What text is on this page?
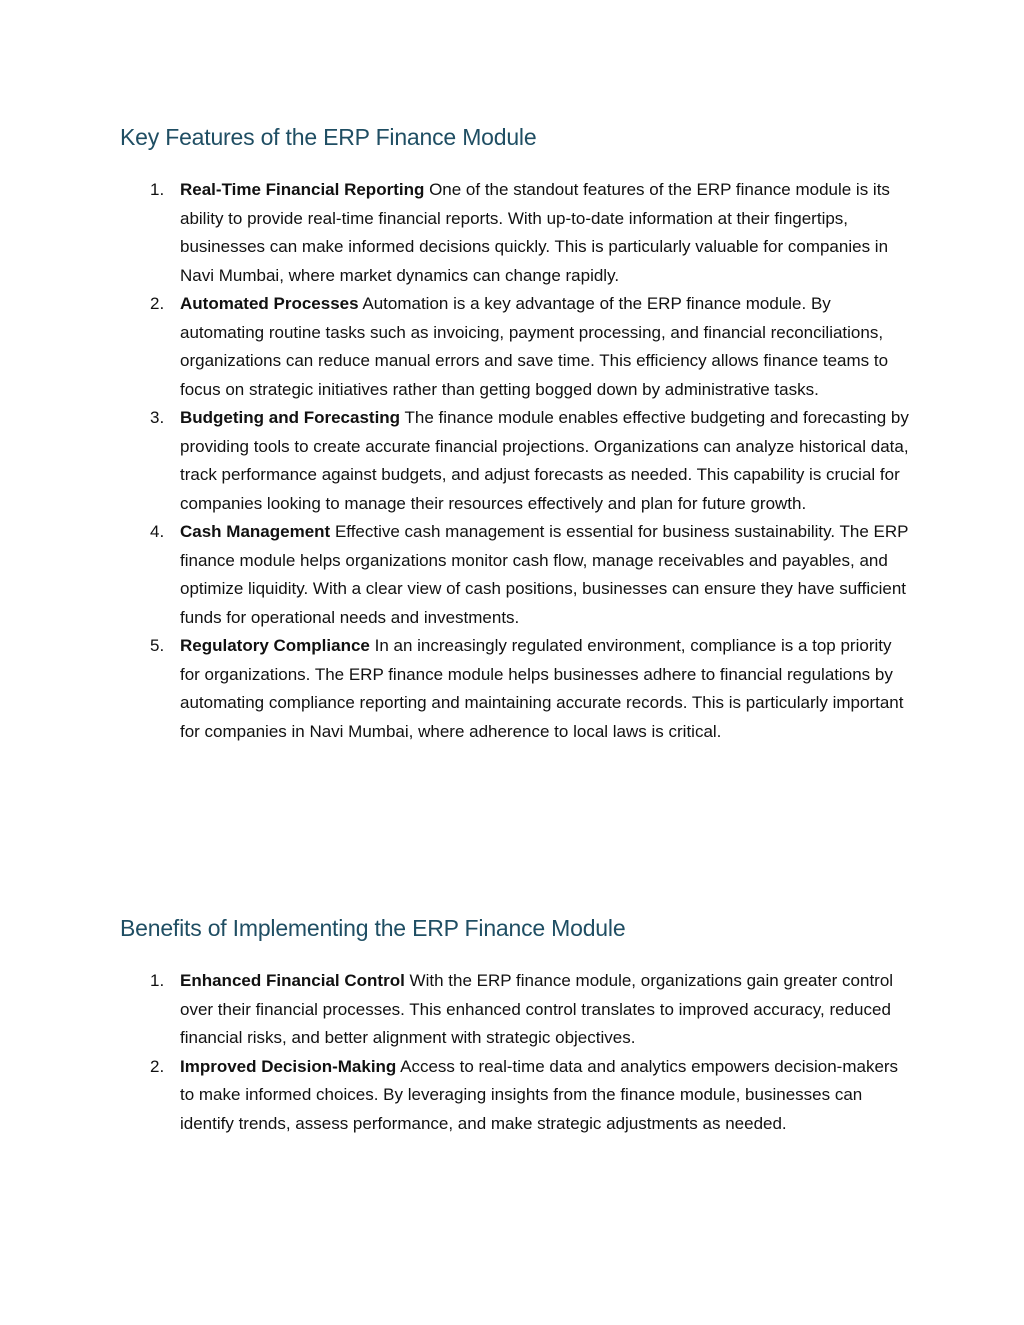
Key Features of the ERP Finance Module
1. Real-Time Financial Reporting One of the standout features of the ERP finance module is its ability to provide real-time financial reports. With up-to-date information at their fingertips, businesses can make informed decisions quickly. This is particularly valuable for companies in Navi Mumbai, where market dynamics can change rapidly.
2. Automated Processes Automation is a key advantage of the ERP finance module. By automating routine tasks such as invoicing, payment processing, and financial reconciliations, organizations can reduce manual errors and save time. This efficiency allows finance teams to focus on strategic initiatives rather than getting bogged down by administrative tasks.
3. Budgeting and Forecasting The finance module enables effective budgeting and forecasting by providing tools to create accurate financial projections. Organizations can analyze historical data, track performance against budgets, and adjust forecasts as needed. This capability is crucial for companies looking to manage their resources effectively and plan for future growth.
4. Cash Management Effective cash management is essential for business sustainability. The ERP finance module helps organizations monitor cash flow, manage receivables and payables, and optimize liquidity. With a clear view of cash positions, businesses can ensure they have sufficient funds for operational needs and investments.
5. Regulatory Compliance In an increasingly regulated environment, compliance is a top priority for organizations. The ERP finance module helps businesses adhere to financial regulations by automating compliance reporting and maintaining accurate records. This is particularly important for companies in Navi Mumbai, where adherence to local laws is critical.
Benefits of Implementing the ERP Finance Module
1. Enhanced Financial Control With the ERP finance module, organizations gain greater control over their financial processes. This enhanced control translates to improved accuracy, reduced financial risks, and better alignment with strategic objectives.
2. Improved Decision-Making Access to real-time data and analytics empowers decision-makers to make informed choices. By leveraging insights from the finance module, businesses can identify trends, assess performance, and make strategic adjustments as needed.
